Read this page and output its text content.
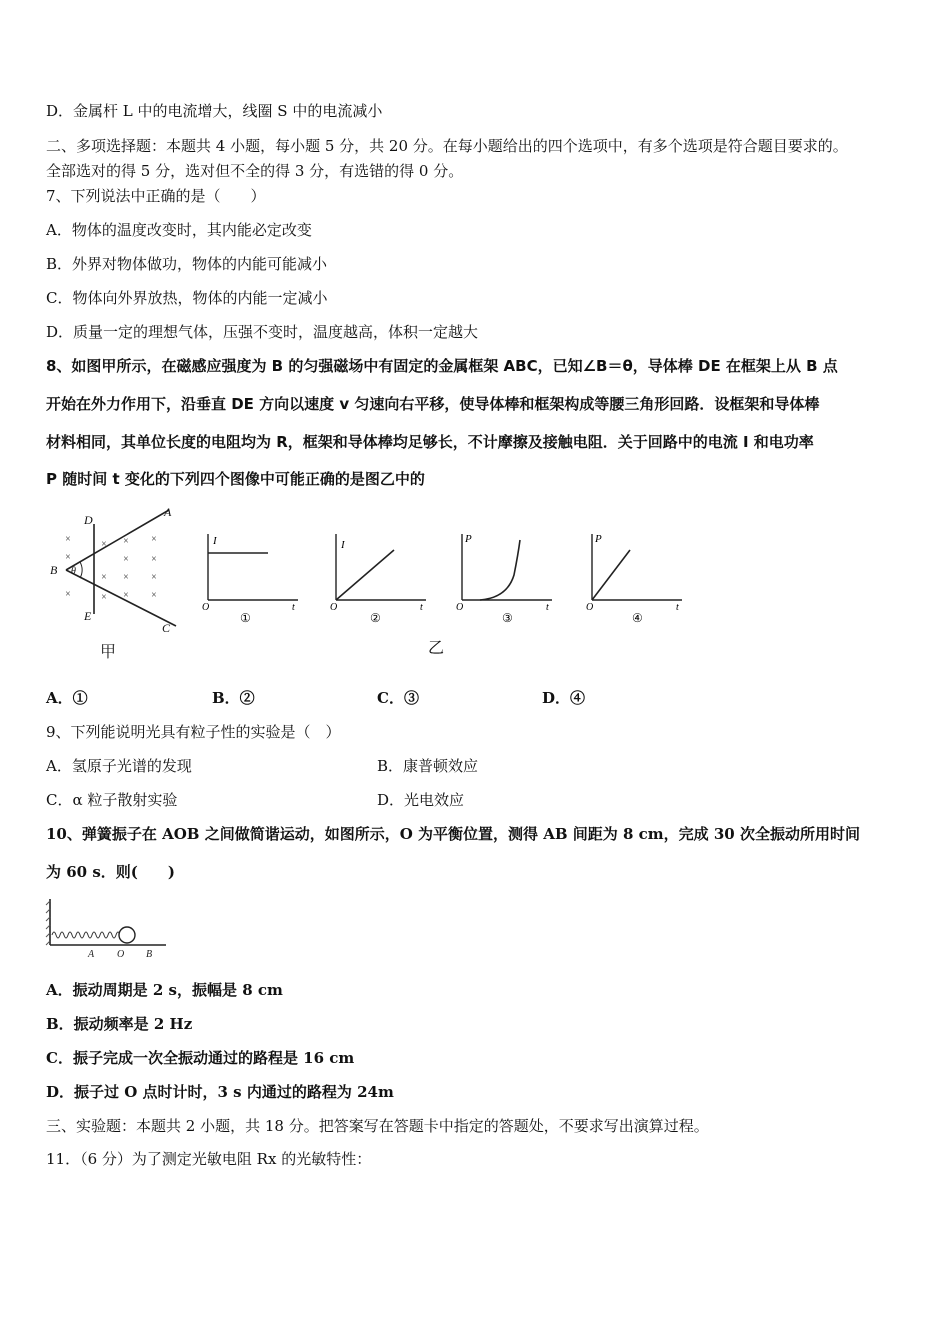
D．金属杆 L 中的电流增大，线圈 S 中的电流减小
二、多项选择题：本题共 4 小题，每小题 5 分，共 20 分。在每小题给出的四个选项中，有多个选项是符合题目要求的。
全部选对的得 5 分，选对但不全的得 3 分，有选错的得 0 分。
7、下列说法中正确的是（　　）
A．物体的温度改变时，其内能必定改变
B．外界对物体做功，物体的内能可能减小
C．物体向外界放热，物体的内能一定减小
D．质量一定的理想气体，压强不变时，温度越高，体积一定越大
8、如图甲所示，在磁感应强度为 B 的匀强磁场中有固定的金属框架 ABC，已知∠B＝θ，导体棒 DE 在框架上从 B 点
开始在外力作用下，沿垂直 DE 方向以速度 v 匀速向右平移，使导体棒和框架构成等腰三角形回路．设框架和导体棒
材料相同，其单位长度的电阻均为 R，框架和导体棒均足够长，不计摩擦及接触电阻．关于回路中的电流 I 和电功率
P 随时间 t 变化的下列四个图像中可能正确的是图乙中的
×
×
×
×
×
×
×
×
×
×
×
×
×
×
D
A
B θ
E
C
甲
I
t
O
①
I
t
O
②
P
t
O
③
P
t
O
④
乙
A．①	B．②	C．③	D．④
9、下列能说明光具有粒子性的实验是（　）
A．氢原子光谱的发现	B．康普顿效应
C．α 粒子散射实验	D．光电效应
10、弹簧振子在 AOB 之间做简谐运动，如图所示，O 为平衡位置，测得 AB 间距为 8 cm，完成 30 次全振动所用时间
为 60 s．则(　　)
A O B
A．振动周期是 2 s，振幅是 8 cm
B．振动频率是 2 Hz
C．振子完成一次全振动通过的路程是 16 cm
D．振子过 O 点时计时，3 s 内通过的路程为 24m
三、实验题：本题共 2 小题，共 18 分。把答案写在答题卡中指定的答题处，不要求写出演算过程。
11．（6 分）为了测定光敏电阻 Rx 的光敏特性：
